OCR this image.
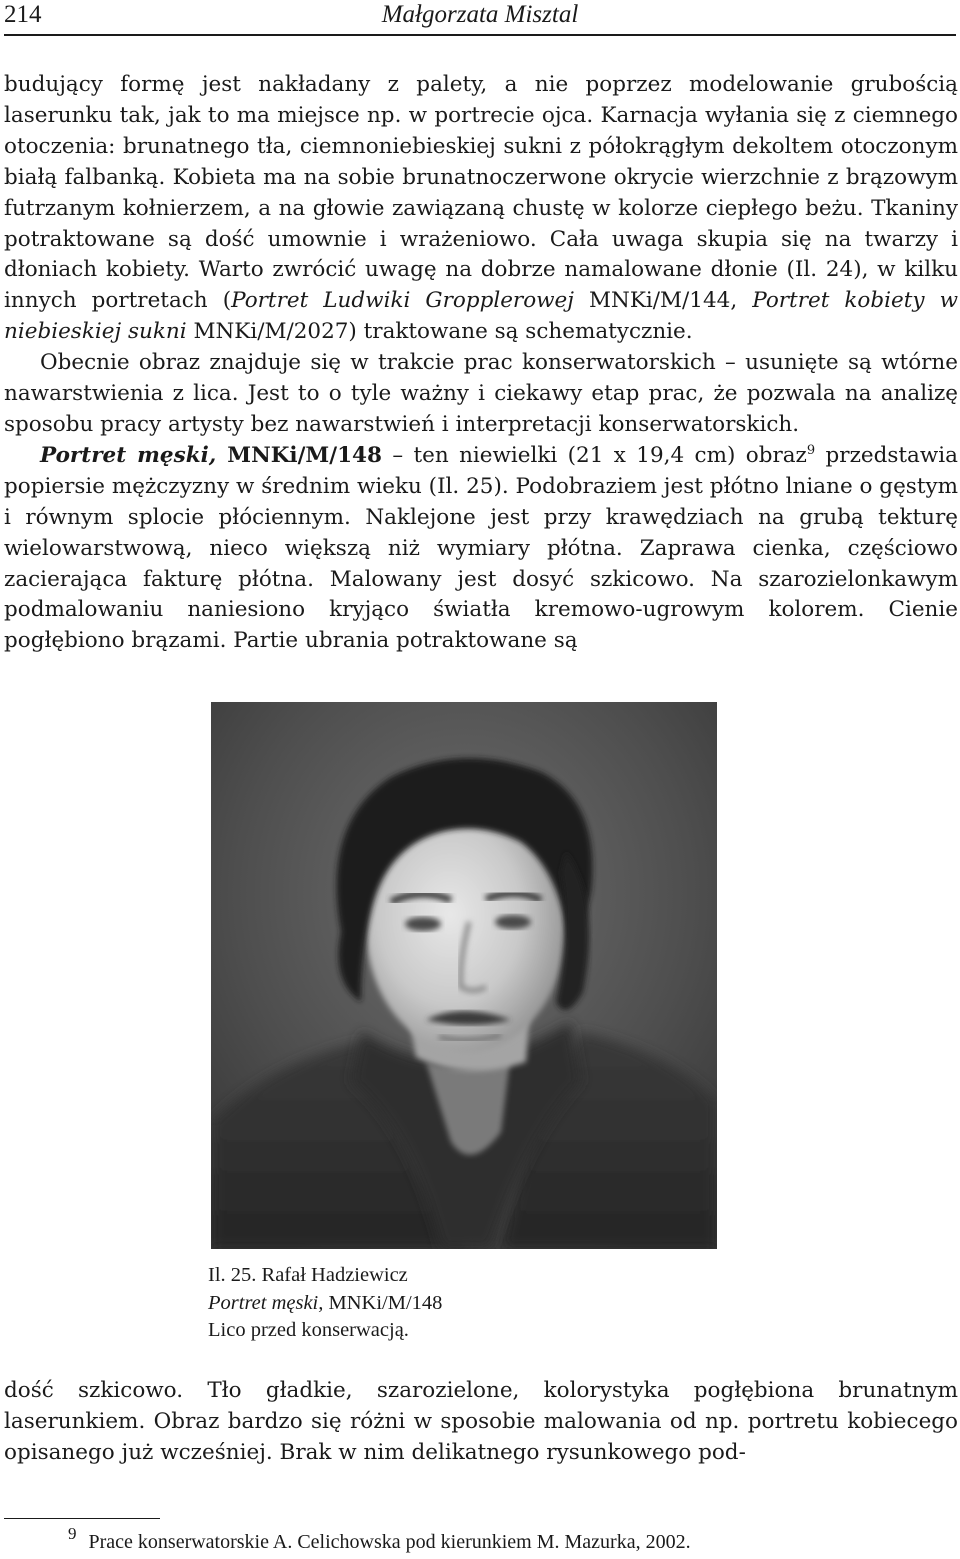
214	Małgorzata Misztal

budujący formę jest nakładany z palety, a nie poprzez modelowanie grubością laserunku tak, jak to ma miejsce np. w portrecie ojca. Karnacja wyłania się z ciemnego otoczenia: brunatnego tła, ciemnoniebieskiej sukni z półokrągłym dekoltem otoczonym białą falbanką. Kobieta ma na sobie brunatnoczerwone okrycie wierzchnie z brązowym futrzanym kołnierzem, a na głowie zawiązaną chustę w kolorze ciepłego beżu. Tkaniny potraktowane są dość umownie i wrażeniowo. Cała uwaga skupia się na twarzy i dłoniach kobiety. Warto zwrócić uwagę na dobrze namalowane dłonie (Il. 24), w kilku innych portretach (Portret Ludwiki Gropplerowej MNKi/M/144, Portret kobiety w niebieskiej sukni MNKi/​M/2027) traktowane są schematycznie.

Obecnie obraz znajduje się w trakcie prac konserwatorskich – usunięte są wtórne nawarstwienia z lica. Jest to o tyle ważny i ciekawy etap prac, że pozwala na analizę sposobu pracy artysty bez nawarstwień i interpretacji konserwatorskich.

Portret męski, MNKi/M/148 – ten niewielki (21 x 19,4 cm) obraz$^9$ przedstawia popiersie mężczyzny w średnim wieku (Il. 25). Podobraziem jest płótno lniane o gęstym i równym splocie płóciennym. Naklejone jest przy krawędziach na grubą tekturę wielowarstwową, nieco większą niż wymiary płótna. Zaprawa cienka, częściowo zacierająca fakturę płótna. Malowany jest dosyć szkicowo. Na szarozielonkawym podmalowaniu naniesiono kryjąco światła kremowo-ugrowym kolorem. Cienie pogłębiono brązami. Partie ubrania potraktowane są

Il. 25. Rafał Hadziewicz
Portret męski, MNKi/M/148
Lico przed konserwacją.

dość szkicowo. Tło gładkie, szarozielone, kolorystyka pogłębiona brunatnym laserunkiem. Obraz bardzo się różni w sposobie malowania od np. portretu kobiecego opisanego już wcześniej. Brak w nim delikatnego rysunkowego pod-

$^9$ Prace konserwatorskie A. Celichowska pod kierunkiem M. Mazurka, 2002.
